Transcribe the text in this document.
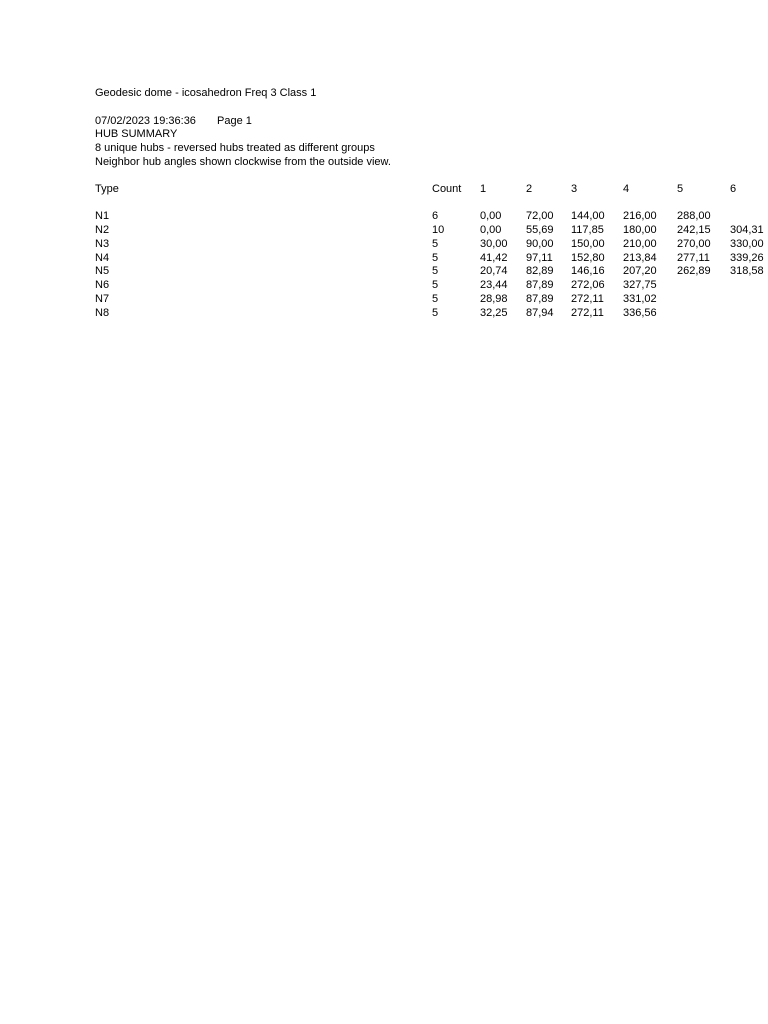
Geodesic dome - icosahedron Freq 3 Class 1
07/02/2023 19:36:36 Page 1
HUB SUMMARY
8 unique hubs - reversed hubs treated as different groups
Neighbor hub angles shown clockwise from the outside view.
Type	Count 1	2	3	4	5	6
N1	6	0,00 72,00 144,00 216,00 288,00
N2	10	0,00 55,69 117,85 180,00 242,15 304,31
N3	5	30,00 90,00 150,00 210,00 270,00 330,00
N4	5	41,42 97,11 152,80 213,84 277,11 339,26
N5	5	20,74 82,89 146,16 207,20 262,89 318,58
N6	5	23,44 87,89 272,06 327,75
N7	5	28,98 87,89 272,11 331,02
N8	5	32,25 87,94 272,11 336,56
